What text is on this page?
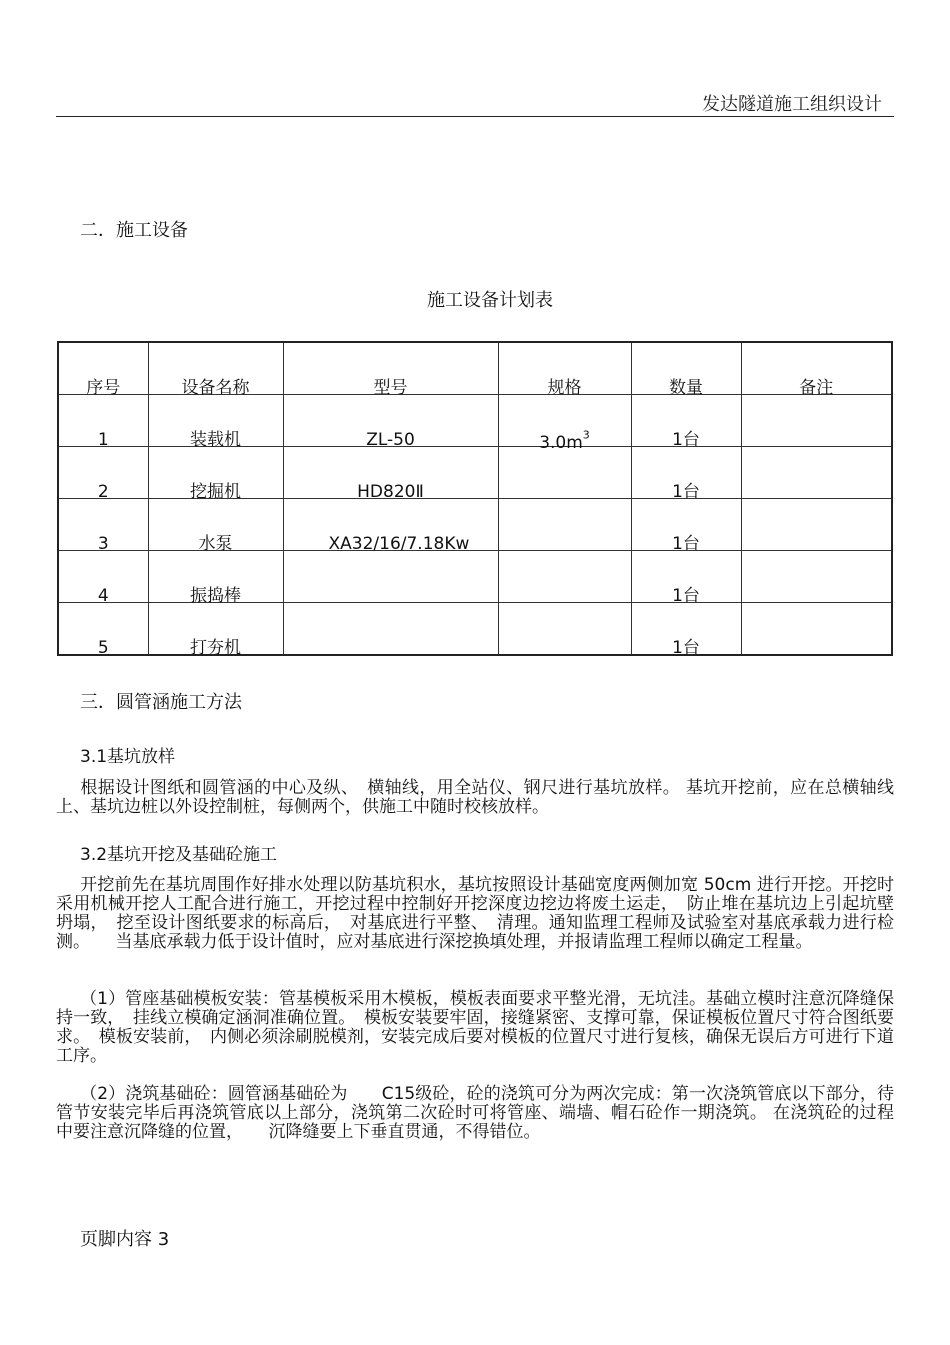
发达隧道施工组织设计
二．施工设备
施工设备计划表
序号	设备名称	型号	规格	数量	备注
1	装载机	ZL-50	$3.0m^3$	1台	
2	挖掘机	HD820Ⅱ		1台	
3	水泵	XA32/16/7.18Kw		1台	
4	振捣棒			1台	
5	打夯机			1台	
三．圆管涵施工方法
3.1基坑放样
根据设计图纸和圆管涵的中心及纵、　横轴线，用全站仪、钢尺进行基坑放样。 基坑开挖前，应在总横轴线上、基坑边桩以外设控制桩，每侧两个，供施工中随时校核放样。
3.2基坑开挖及基础砼施工
开挖前先在基坑周围作好排水处理以防基坑积水，基坑按照设计基础宽度两侧加宽 50cm 进行开挖。开挖时采用机械开挖人工配合进行施工，开挖过程中控制好开挖深度边挖边将废土运走，　防止堆在基坑边上引起坑壁坍塌，　挖至设计图纸要求的标高后，　对基底进行平整、　清理。通知监理工程师及试验室对基底承载力进行检测。　　当基底承载力低于设计值时，应对基底进行深挖换填处理，并报请监理工程师以确定工程量。
（1）管座基础模板安装：管基模板采用木模板，模板表面要求平整光滑，无坑洼。基础立模时注意沉降缝保持一致，　挂线立模确定涵洞准确位置。　模板安装要牢固，接缝紧密、支撑可靠，保证模板位置尺寸符合图纸要求。　模板安装前，　内侧必须涂刷脱模剂，安装完成后要对模板的位置尺寸进行复核，确保无误后方可进行下道工序。
（2）浇筑基础砼：圆管涵基础砼为　　C15级砼，砼的浇筑可分为两次完成：第一次浇筑管底以下部分，待管节安装完毕后再浇筑管底以上部分，浇筑第二次砼时可将管座、端墙、帽石砼作一期浇筑。 在浇筑砼的过程中要注意沉降缝的位置，　　沉降缝要上下垂直贯通，不得错位。
页脚内容 3
